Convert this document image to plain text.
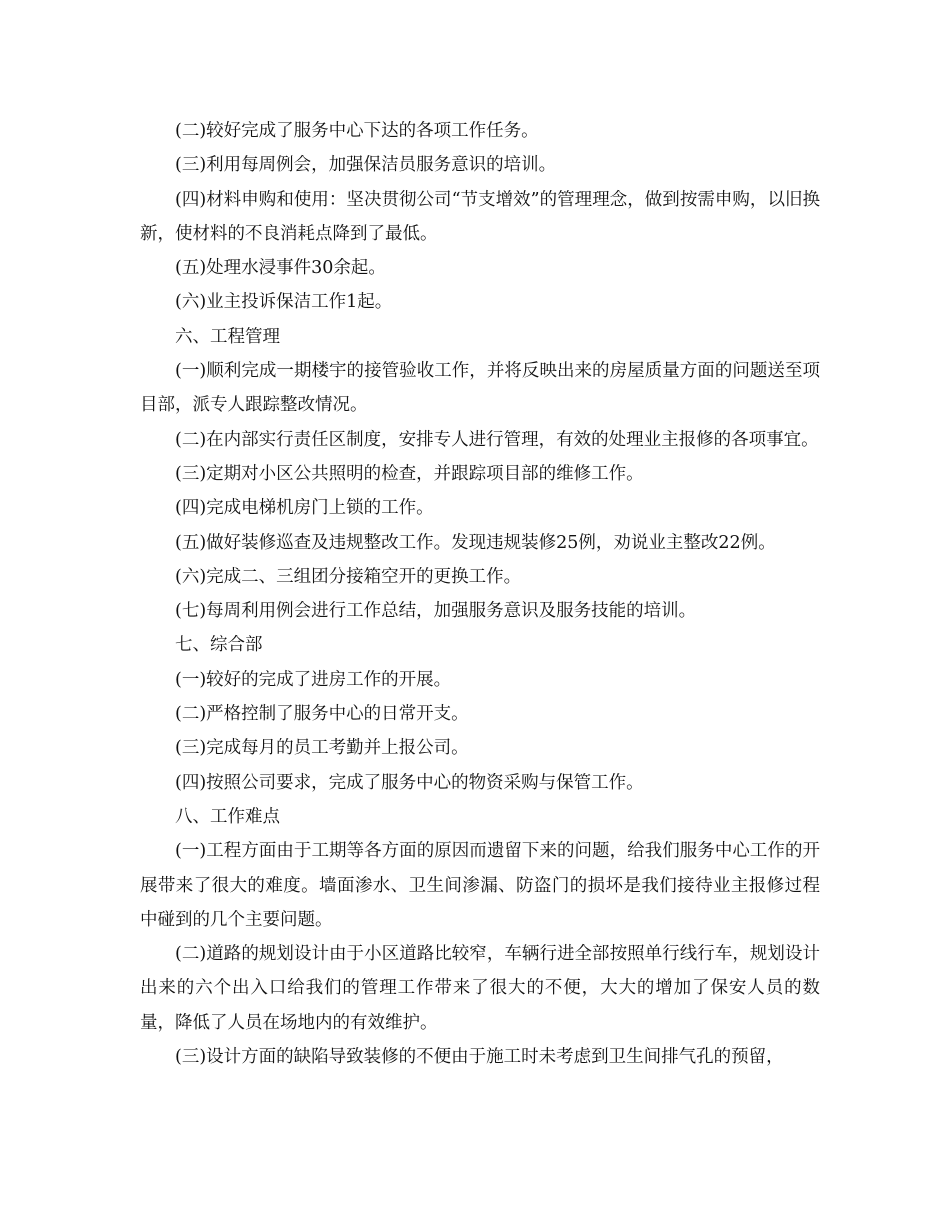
(二)较好完成了服务中心下达的各项工作任务。

(三)利用每周例会，加强保洁员服务意识的培训。

(四)材料申购和使用：坚决贯彻公司“节支增效”的管理理念，做到按需申购，以旧换新，使材料的不良消耗点降到了最低。

(五)处理水浸事件30余起。

(六)业主投诉保洁工作1起。

六、工程管理

(一)顺利完成一期楼宇的接管验收工作，并将反映出来的房屋质量方面的问题送至项目部，派专人跟踪整改情况。

(二)在内部实行责任区制度，安排专人进行管理，有效的处理业主报修的各项事宜。

(三)定期对小区公共照明的检查，并跟踪项目部的维修工作。

(四)完成电梯机房门上锁的工作。

(五)做好装修巡查及违规整改工作。发现违规装修25例，劝说业主整改22例。

(六)完成二、三组团分接箱空开的更换工作。

(七)每周利用例会进行工作总结，加强服务意识及服务技能的培训。

七、综合部

(一)较好的完成了进房工作的开展。

(二)严格控制了服务中心的日常开支。

(三)完成每月的员工考勤并上报公司。

(四)按照公司要求，完成了服务中心的物资采购与保管工作。

八、工作难点

(一)工程方面由于工期等各方面的原因而遗留下来的问题，给我们服务中心工作的开展带来了很大的难度。墙面渗水、卫生间渗漏、防盗门的损坏是我们接待业主报修过程中碰到的几个主要问题。

(二)道路的规划设计由于小区道路比较窄，车辆行进全部按照单行线行车，规划设计出来的六个出入口给我们的管理工作带来了很大的不便，大大的增加了保安人员的数量，降低了人员在场地内的有效维护。

(三)设计方面的缺陷导致装修的不便由于施工时未考虑到卫生间排气孔的预留，
